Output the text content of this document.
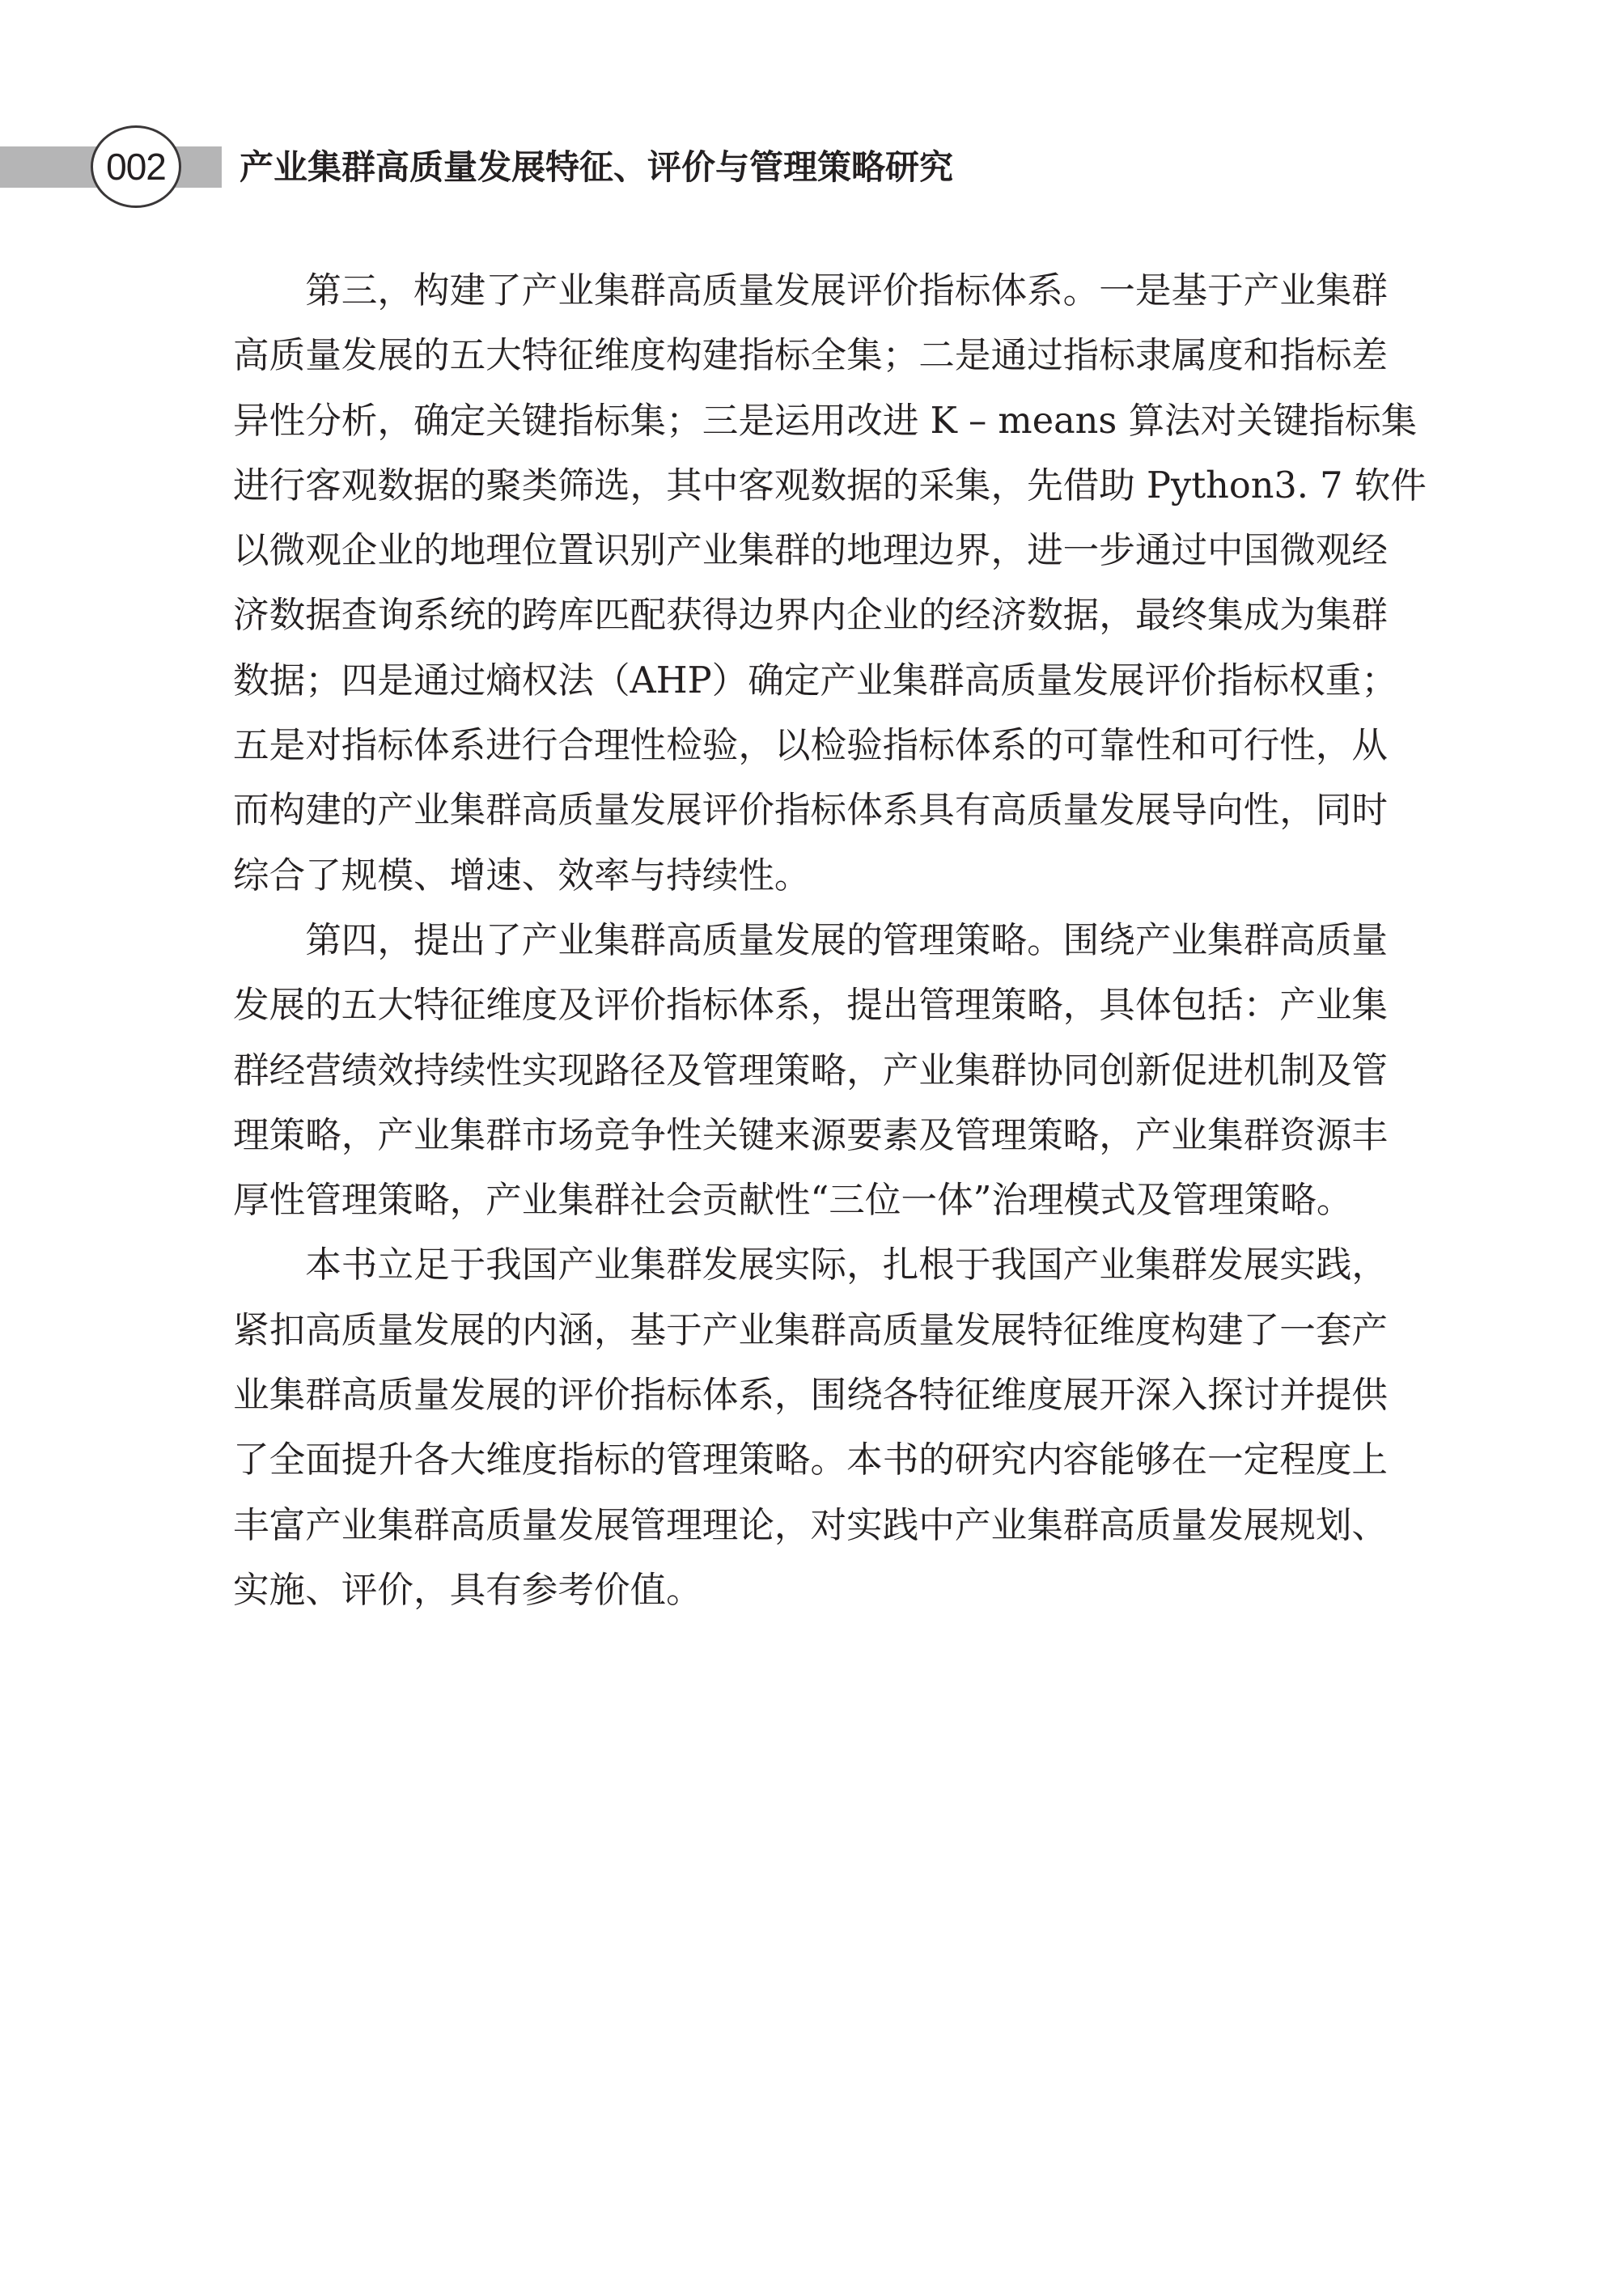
002 产业集群高质量发展特征、评价与管理策略研究
第三，构建了产业集群高质量发展评价指标体系。一是基于产业集群
高质量发展的五大特征维度构建指标全集；二是通过指标隶属度和指标差
异性分析，确定关键指标集；三是运用改进 K – means 算法对关键指标集
进行客观数据的聚类筛选，其中客观数据的采集，先借助 Python3. 7 软件
以微观企业的地理位置识别产业集群的地理边界，进一步通过中国微观经
济数据查询系统的跨库匹配获得边界内企业的经济数据，最终集成为集群
数据；四是通过熵权法（AHP）确定产业集群高质量发展评价指标权重；
五是对指标体系进行合理性检验，以检验指标体系的可靠性和可行性，从
而构建的产业集群高质量发展评价指标体系具有高质量发展导向性，同时
综合了规模、增速、效率与持续性。
第四，提出了产业集群高质量发展的管理策略。围绕产业集群高质量
发展的五大特征维度及评价指标体系，提出管理策略，具体包括：产业集
群经营绩效持续性实现路径及管理策略，产业集群协同创新促进机制及管
理策略，产业集群市场竞争性关键来源要素及管理策略，产业集群资源丰
厚性管理策略，产业集群社会贡献性“三位一体”治理模式及管理策略。
本书立足于我国产业集群发展实际，扎根于我国产业集群发展实践，
紧扣高质量发展的内涵，基于产业集群高质量发展特征维度构建了一套产
业集群高质量发展的评价指标体系，围绕各特征维度展开深入探讨并提供
了全面提升各大维度指标的管理策略。本书的研究内容能够在一定程度上
丰富产业集群高质量发展管理理论，对实践中产业集群高质量发展规划、
实施、评价，具有参考价值。
